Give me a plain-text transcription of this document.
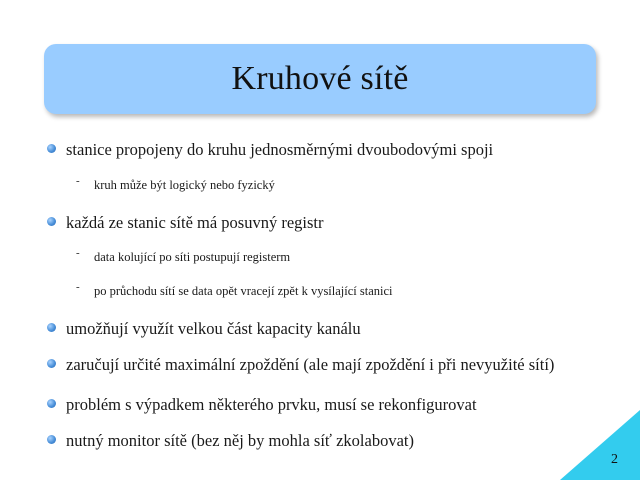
Kruhové sítě
stanice propojeny do kruhu jednosměrnými dvoubodovými spoji
- kruh může být logický nebo fyzický
každá ze stanic sítě má posuvný registr
- data kolující po síti postupují registerm
- po průchodu sítí se data opět vracejí zpět k vysílající stanici
umožňují využít velkou část kapacity kanálu
zaručují určité maximální zpoždění (ale mají zpoždění i při nevyužité sítí)
problém s výpadkem některého prvku, musí se rekonfigurovat
nutný monitor sítě (bez něj by mohla síť zkolabovat)
2
